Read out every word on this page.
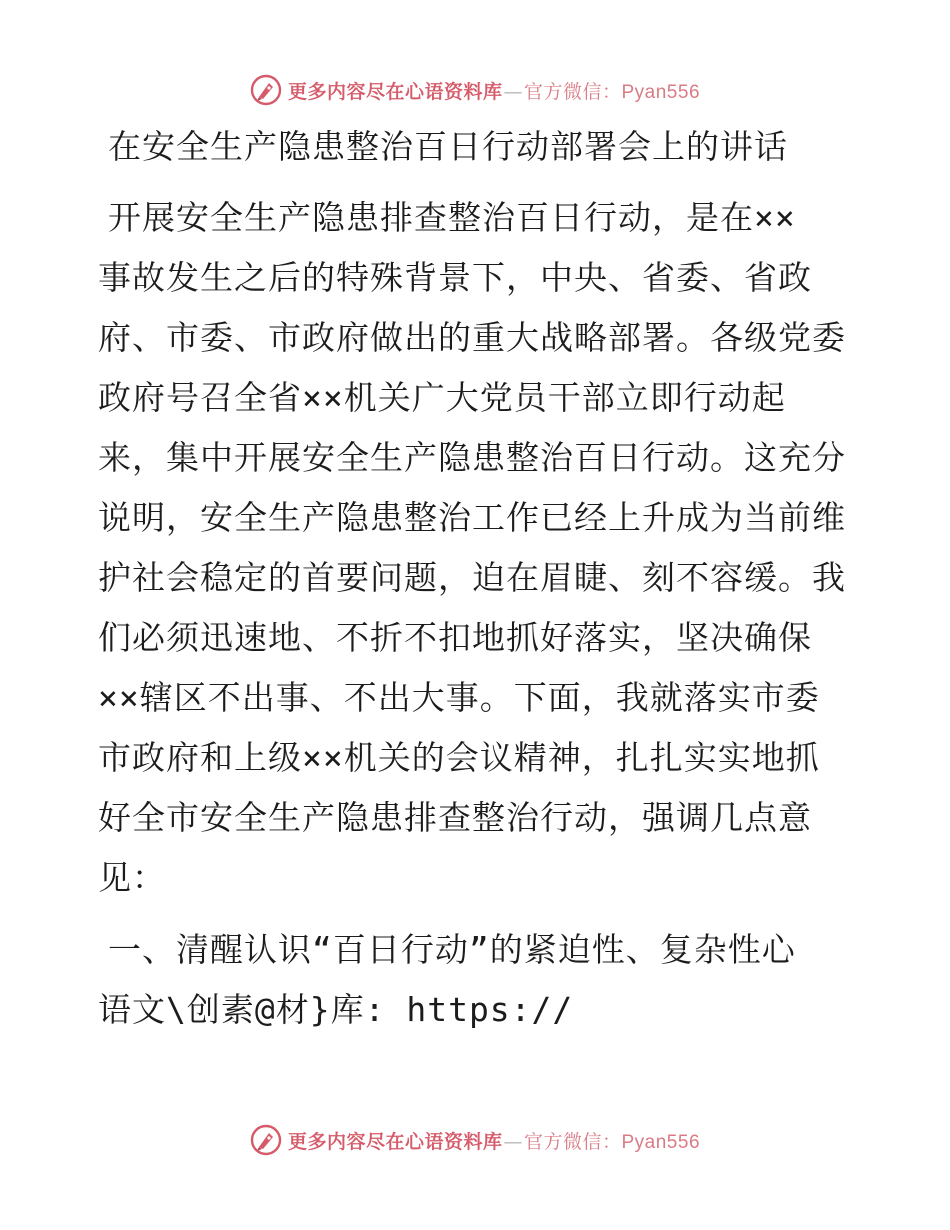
更多内容尽在心语资料库 — 官方微信： Pyan556
在安全生产隐患整治百日行动部署会上的讲话
开展安全生产隐患排查整治百日行动，是在××
事故发生之后的特殊背景下，中央、省委、省政
府、市委、市政府做出的重大战略部署。各级党委
政府号召全省××机关广大党员干部立即行动起
来，集中开展安全生产隐患整治百日行动。这充分
说明，安全生产隐患整治工作已经上升成为当前维
护社会稳定的首要问题，迫在眉睫、刻不容缓。我
们必须迅速地、不折不扣地抓好落实，坚决确保
××辖区不出事、不出大事。下面，我就落实市委
市政府和上级××机关的会议精神，扎扎实实地抓
好全市安全生产隐患排查整治行动，强调几点意
见：
一、清醒认识“百日行动”的紧迫性、复杂性心
语文\创素@材}库: https://
更多内容尽在心语资料库 — 官方微信： Pyan556
